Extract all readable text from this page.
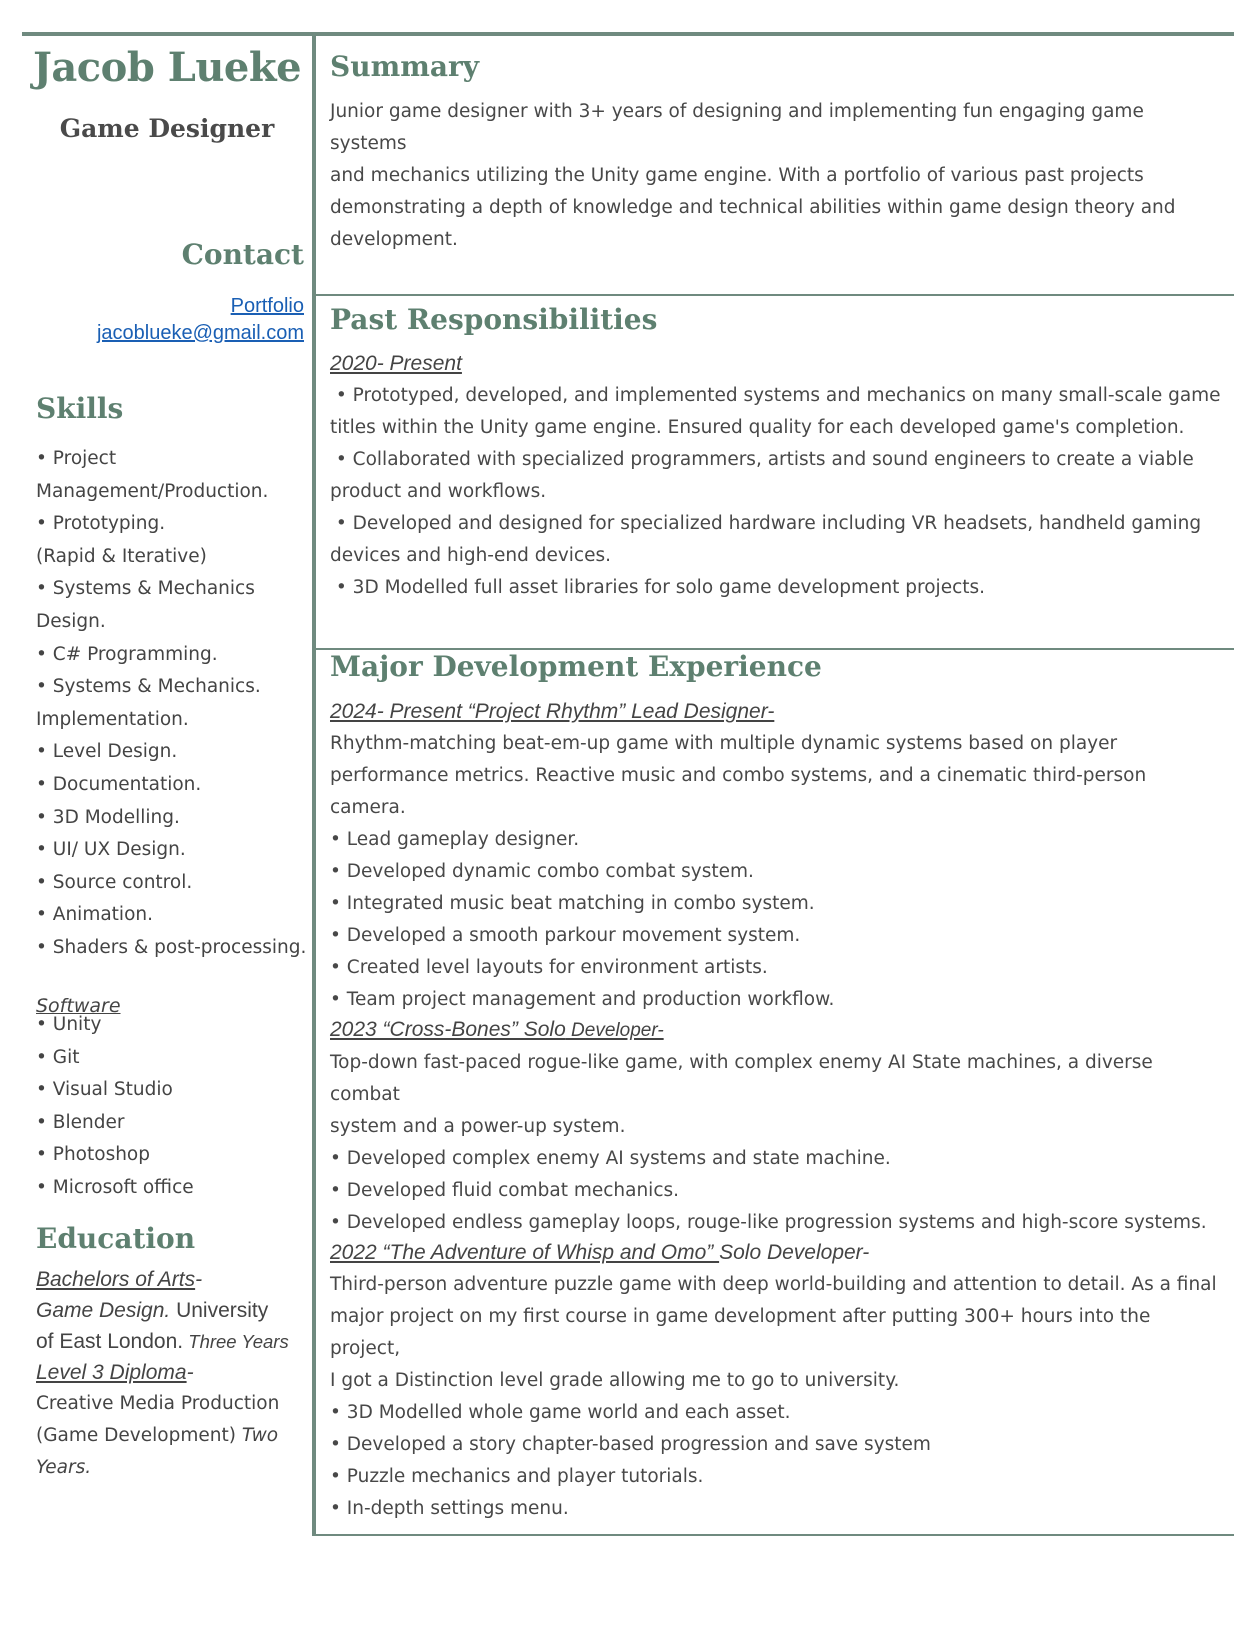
Jacob Lueke
Game Designer
Contact
Portfolio
jacoblueke@gmail.com
Skills
• Project
Management/Production.
• Prototyping.
(Rapid & Iterative)
• Systems & Mechanics
Design.
• C# Programming.
• Systems & Mechanics.
Implementation.
• Level Design.
• Documentation.
• 3D Modelling.
• UI/ UX Design.
• Source control.
• Animation.
• Shaders & post-processing.
Software
• Unity
• Git
• Visual Studio
• Blender
• Photoshop
• Microsoft office
Education
Bachelors of Arts-
Game Design. University
of East London. Three Years
Level 3 Diploma-
Creative Media Production
(Game Development) Two
Years.
Summary
Junior game designer with 3+ years of designing and implementing fun engaging game systems
and mechanics utilizing the Unity game engine. With a portfolio of various past projects
demonstrating a depth of knowledge and technical abilities within game design theory and
development.
Past Responsibilities
2020- Present
• Prototyped, developed, and implemented systems and mechanics on many small-scale game
titles within the Unity game engine. Ensured quality for each developed game's completion.
• Collaborated with specialized programmers, artists and sound engineers to create a viable
product and workflows.
• Developed and designed for specialized hardware including VR headsets, handheld gaming
devices and high-end devices.
• 3D Modelled full asset libraries for solo game development projects.
Major Development Experience
2024- Present “Project Rhythm” Lead Designer-
Rhythm-matching beat-em-up game with multiple dynamic systems based on player
performance metrics. Reactive music and combo systems, and a cinematic third-person camera.
• Lead gameplay designer.
• Developed dynamic combo combat system.
• Integrated music beat matching in combo system.
• Developed a smooth parkour movement system.
• Created level layouts for environment artists.
• Team project management and production workflow.
2023 “Cross-Bones” Solo Developer-
Top-down fast-paced rogue-like game, with complex enemy AI State machines, a diverse combat
system and a power-up system.
• Developed complex enemy AI systems and state machine.
• Developed fluid combat mechanics.
• Developed endless gameplay loops, rouge-like progression systems and high-score systems.
2022 “The Adventure of Whisp and Omo” Solo Developer-
Third-person adventure puzzle game with deep world-building and attention to detail. As a final
major project on my first course in game development after putting 300+ hours into the project,
I got a Distinction level grade allowing me to go to university.
• 3D Modelled whole game world and each asset.
• Developed a story chapter-based progression and save system
• Puzzle mechanics and player tutorials.
• In-depth settings menu.
